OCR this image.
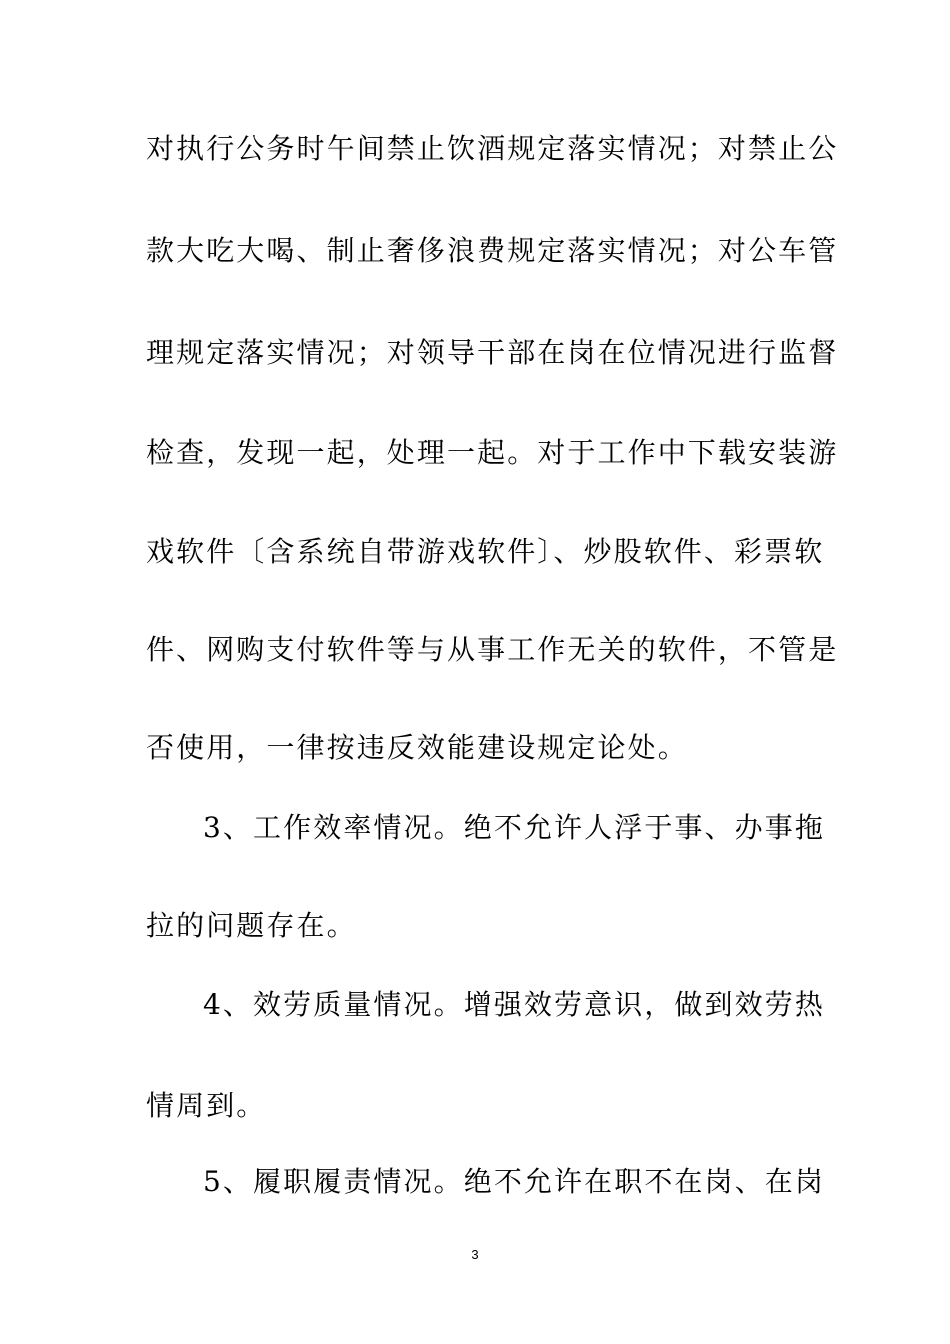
对执行公务时午间禁止饮酒规定落实情况；对禁止公
款大吃大喝、制止奢侈浪费规定落实情况；对公车管
理规定落实情况；对领导干部在岗在位情况进行监督
检查，发现一起，处理一起。对于工作中下载安装游
戏软件〔含系统自带游戏软件〕、炒股软件、彩票软
件、网购支付软件等与从事工作无关的软件，不管是
否使用，一律按违反效能建设规定论处。
3、工作效率情况。绝不允许人浮于事、办事拖
拉的问题存在。
4、效劳质量情况。增强效劳意识，做到效劳热
情周到。
5、履职履责情况。绝不允许在职不在岗、在岗
3
